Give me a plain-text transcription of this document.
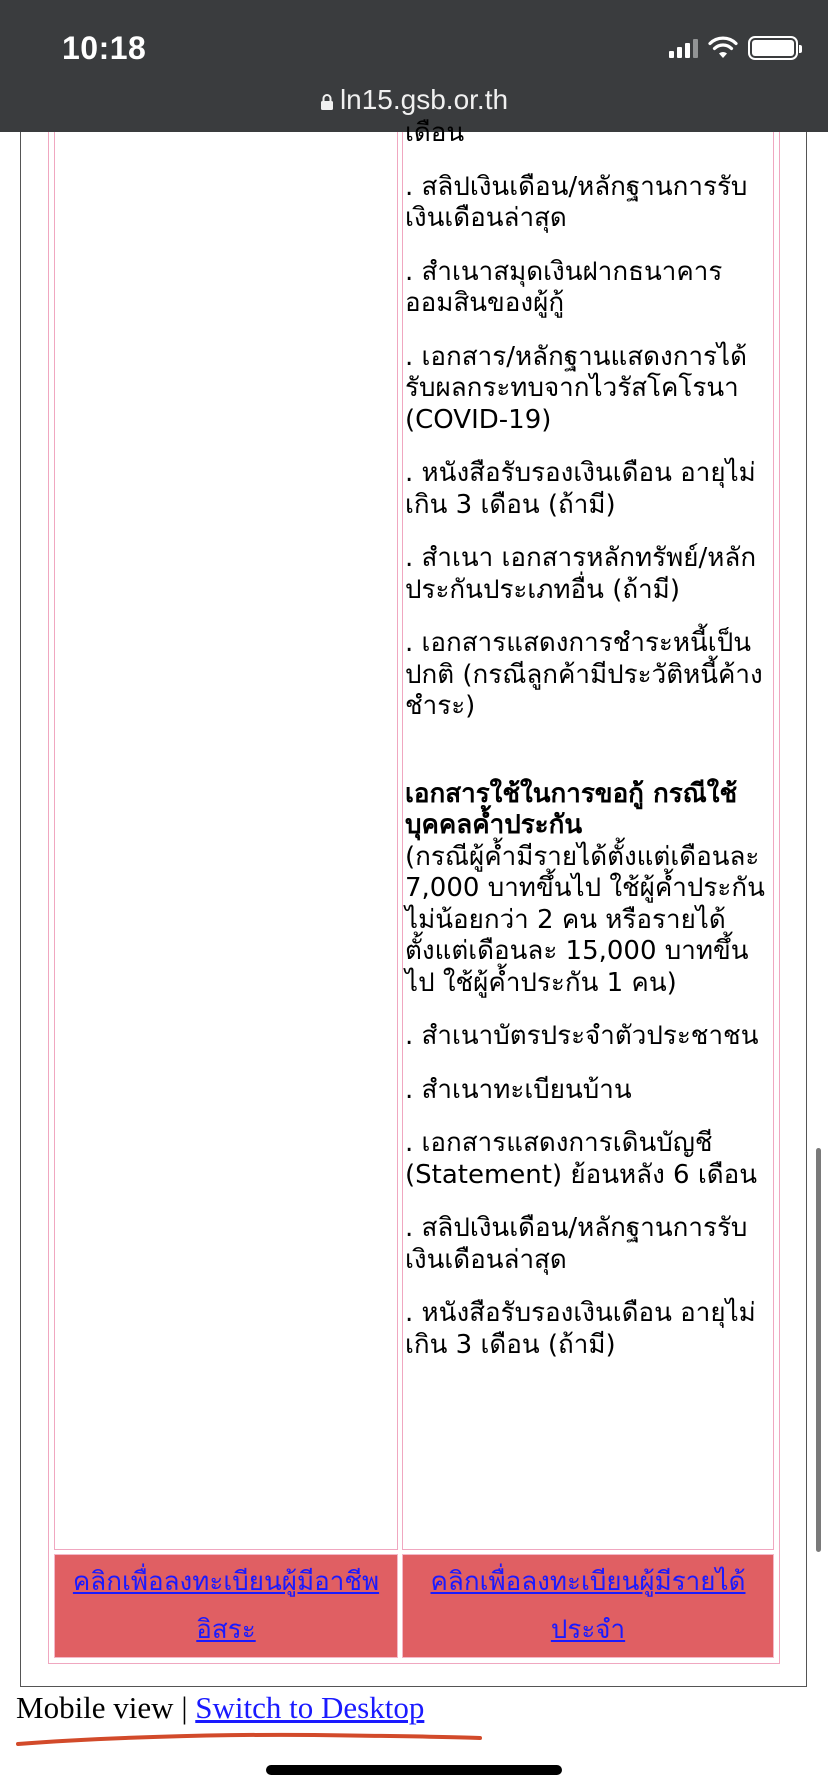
10:18
ln15.gsb.or.th

เดือน

. สลิปเงินเดือน/หลักฐานการรับเงินเดือนล่าสุด

. สำเนาสมุดเงินฝากธนาคารออมสินของผู้กู้

. เอกสาร/หลักฐานแสดงการได้รับผลกระทบจากไวรัสโคโรนา (COVID-19)

. หนังสือรับรองเงินเดือน อายุไม่เกิน 3 เดือน (ถ้ามี)

. สำเนา เอกสารหลักทรัพย์/หลักประกันประเภทอื่น (ถ้ามี)

. เอกสารแสดงการชำระหนี้เป็นปกติ (กรณีลูกค้ามีประวัติหนี้ค้างชำระ)

เอกสารใช้ในการขอกู้ กรณีใช้บุคคลค้ำประกัน

(กรณีผู้ค้ำมีรายได้ตั้งแต่เดือนละ 7,000 บาทขึ้นไป ใช้ผู้ค้ำประกัน ไม่น้อยกว่า 2 คน หรือรายได้ตั้งแต่เดือนละ 15,000 บาทขึ้นไป ใช้ผู้ค้ำประกัน 1 คน)

. สำเนาบัตรประจำตัวประชาชน

. สำเนาทะเบียนบ้าน

. เอกสารแสดงการเดินบัญชี (Statement) ย้อนหลัง 6 เดือน

. สลิปเงินเดือน/หลักฐานการรับเงินเดือนล่าสุด

. หนังสือรับรองเงินเดือน อายุไม่เกิน 3 เดือน (ถ้ามี)

คลิกเพื่อลงทะเบียนผู้มีอาชีพอิสระ
คลิกเพื่อลงทะเบียนผู้มีรายได้ประจำ
Mobile view | Switch to Desktop
